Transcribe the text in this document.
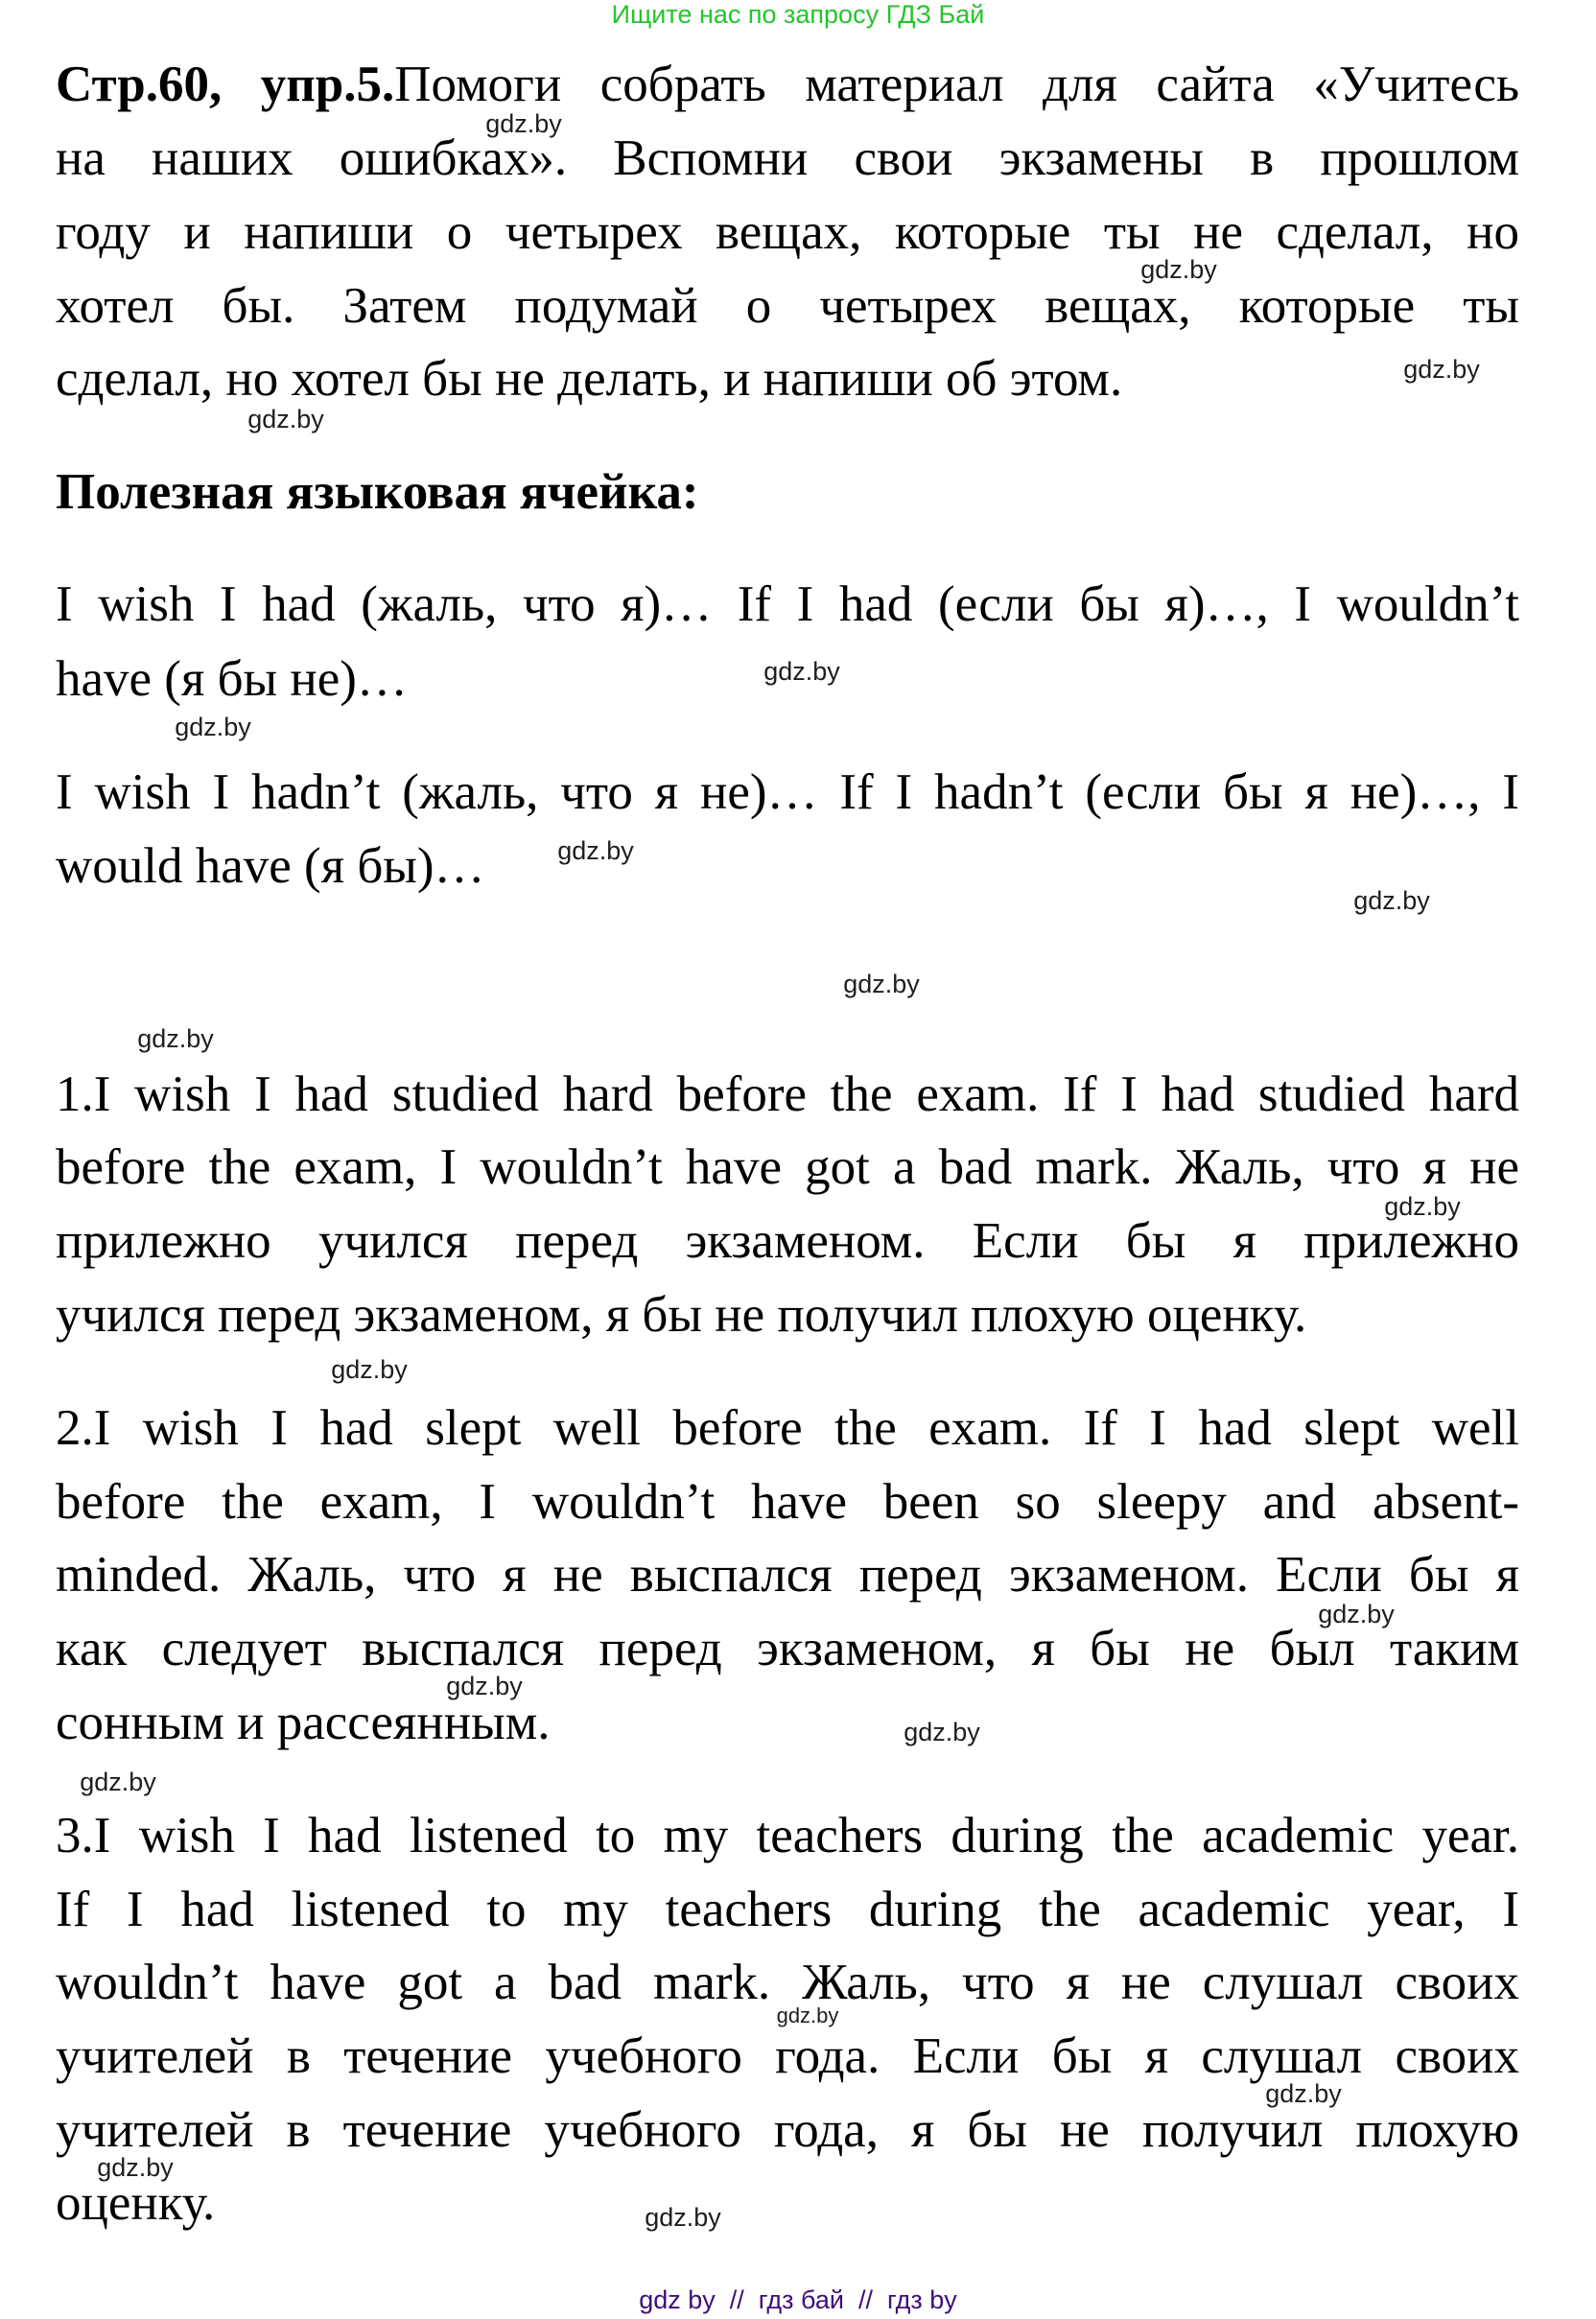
Ищите нас по запросу ГДЗ Бай
Стр.60, упр.5.Помоги собрать материал для сайта «Учитесь
на наших ошибках». Вспомни свои экзамены в прошлом
году и напиши о четырех вещах, которые ты не сделал, но
хотел бы. Затем подумай о четырех вещах, которые ты
сделал, но хотел бы не делать, и напиши об этом.
Полезная языковая ячейка:
I wish I had (жаль, что я)… If I had (если бы я)…, I wouldn’t
have (я бы не)…
I wish I hadn’t (жаль, что я не)… If I hadn’t (если бы я не)…, I
would have (я бы)…
1.I wish I had studied hard before the exam. If I had studied hard
before the exam, I wouldn’t have got a bad mark. Жаль, что я не
прилежно учился перед экзаменом. Если бы я прилежно
учился перед экзаменом, я бы не получил плохую оценку.
2.I wish I had slept well before the exam. If I had slept well
before the exam, I wouldn’t have been so sleepy and absent-
minded. Жаль, что я не выспался перед экзаменом. Если бы я
как следует выспался перед экзаменом, я бы не был таким
сонным и рассеянным.
3.I wish I had listened to my teachers during the academic year.
If I had listened to my teachers during the academic year, I
wouldn’t have got a bad mark. Жаль, что я не слушал своих
учителей в течение учебного года. Если бы я слушал своих
учителей в течение учебного года, я бы не получил плохую
оценку.
gdz.by
gdz.by
gdz.by
gdz.by
gdz.by
gdz.by
gdz.by
gdz.by
gdz.by
gdz.by
gdz.by
gdz.by
gdz.by
gdz.by
gdz.by
gdz.by
gdz.by
gdz.by
gdz.by
gdz.by
gdz by  //  гдз бай  //  гдз by
